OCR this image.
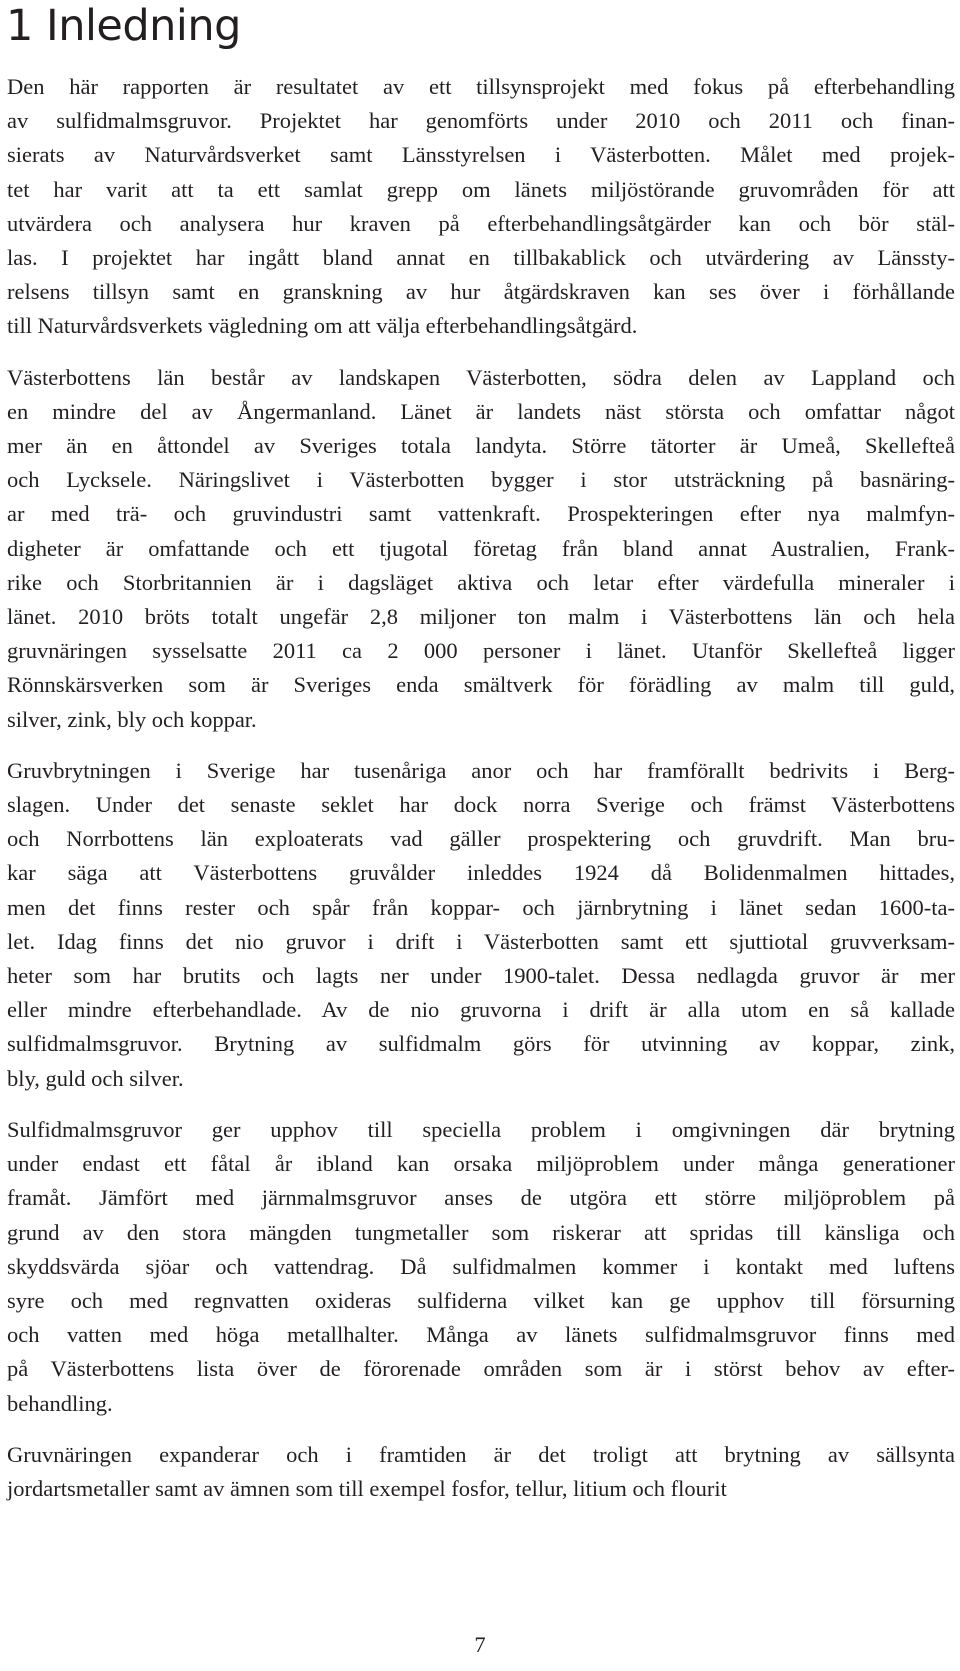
1 Inledning

Den här rapporten är resultatet av ett tillsynsprojekt med fokus på efterbehandling
av sulfidmalmsgruvor. Projektet har genomförts under 2010 och 2011 och finan-
sierats av Naturvårdsverket samt Länsstyrelsen i Västerbotten. Målet med projek-
tet har varit att ta ett samlat grepp om länets miljöstörande gruvområden för att
utvärdera och analysera hur kraven på efterbehandlingsåtgärder kan och bör stäl-
las. I projektet har ingått bland annat en tillbakablick och utvärdering av Länssty-
relsens tillsyn samt en granskning av hur åtgärdskraven kan ses över i förhållande
till Naturvårdsverkets vägledning om att välja efterbehandlingsåtgärd.

Västerbottens län består av landskapen Västerbotten, södra delen av Lappland och
en mindre del av Ångermanland. Länet är landets näst största och omfattar något
mer än en åttondel av Sveriges totala landyta. Större tätorter är Umeå, Skellefteå
och Lycksele. Näringslivet i Västerbotten bygger i stor utsträckning på basnäring-
ar med trä- och gruvindustri samt vattenkraft. Prospekteringen efter nya malmfyn-
digheter är omfattande och ett tjugotal företag från bland annat Australien, Frank-
rike och Storbritannien är i dagsläget aktiva och letar efter värdefulla mineraler i
länet. 2010 bröts totalt ungefär 2,8 miljoner ton malm i Västerbottens län och hela
gruvnäringen sysselsatte 2011 ca 2 000 personer i länet. Utanför Skellefteå ligger
Rönnskärsverken som är Sveriges enda smältverk för förädling av malm till guld,
silver, zink, bly och koppar.

Gruvbrytningen i Sverige har tusenåriga anor och har framförallt bedrivits i Berg-
slagen. Under det senaste seklet har dock norra Sverige och främst Västerbottens
och Norrbottens län exploaterats vad gäller prospektering och gruvdrift. Man bru-
kar säga att Västerbottens gruvålder inleddes 1924 då Bolidenmalmen hittades,
men det finns rester och spår från koppar- och järnbrytning i länet sedan 1600-ta-
let. Idag finns det nio gruvor i drift i Västerbotten samt ett sjuttiotal gruvverksam-
heter som har brutits och lagts ner under 1900-talet. Dessa nedlagda gruvor är mer
eller mindre efterbehandlade. Av de nio gruvorna i drift är alla utom en så kallade
sulfidmalmsgruvor. Brytning av sulfidmalm görs för utvinning av koppar, zink,
bly, guld och silver.

Sulfidmalmsgruvor ger upphov till speciella problem i omgivningen där brytning
under endast ett fåtal år ibland kan orsaka miljöproblem under många generationer
framåt. Jämfört med järnmalmsgruvor anses de utgöra ett större miljöproblem på
grund av den stora mängden tungmetaller som riskerar att spridas till känsliga och
skyddsvärda sjöar och vattendrag. Då sulfidmalmen kommer i kontakt med luftens
syre och med regnvatten oxideras sulfiderna vilket kan ge upphov till försurning
och vatten med höga metallhalter. Många av länets sulfidmalmsgruvor finns med
på Västerbottens lista över de förorenade områden som är i störst behov av efter-
behandling.

Gruvnäringen expanderar och i framtiden är det troligt att brytning av sällsynta
jordartsmetaller samt av ämnen som till exempel fosfor, tellur, litium och flourit

7
